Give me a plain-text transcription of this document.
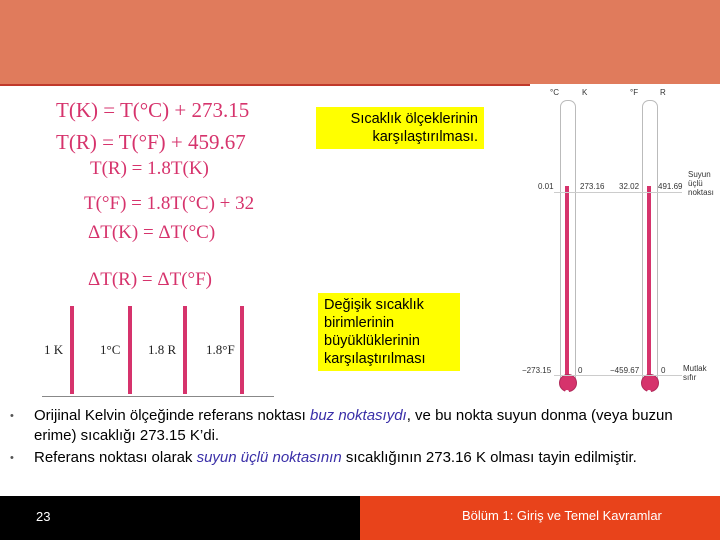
T(K) = T(°C) + 273.15
T(R) = T(°F) + 459.67
T(R) = 1.8T(K)
T(°F) = 1.8T(°C) + 32
ΔT(K) = ΔT(°C)
ΔT(R) = ΔT(°F)
Sıcaklık ölçeklerinin karşılaştırılması.
Değişik sıcaklık birimlerinin büyüklüklerinin karşılaştırılması
1 K	1°C 1.8 R 1.8°F
°C	K	°F	R
0.01	273.16 32.02 491.69
Suyun üçlü noktası
−273.15	0	−459.67	0 Mutlak sıfır
• Orijinal Kelvin ölçeğinde referans noktası buz noktasıydı, ve bu nokta suyun donma (veya buzun erime) sıcaklığı 273.15 K’di.
• Referans noktası olarak suyun üçlü noktasının sıcaklığının 273.16 K olması tayin edilmiştir.
23	Bölüm 1: Giriş ve Temel Kavramlar
